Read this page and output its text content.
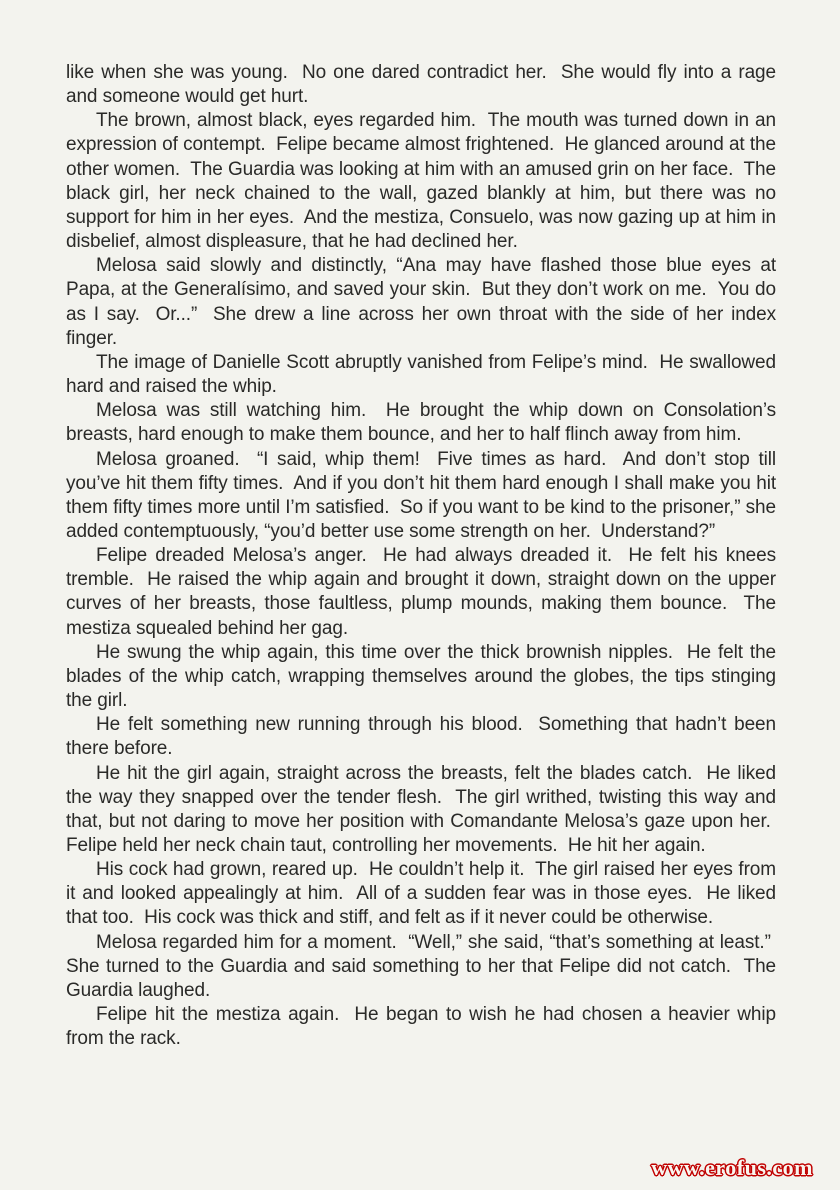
like when she was young.  No one dared contradict her.  She would fly into a rage and someone would get hurt.

The brown, almost black, eyes regarded him.  The mouth was turned down in an expression of contempt.  Felipe became almost frightened.  He glanced around at the other women.  The Guardia was looking at him with an amused grin on her face.  The black girl, her neck chained to the wall, gazed blankly at him, but there was no support for him in her eyes.  And the mestiza, Consuelo, was now gazing up at him in disbelief, almost displeasure, that he had declined her.

Melosa said slowly and distinctly, “Ana may have flashed those blue eyes at Papa, at the Generalísimo, and saved your skin.  But they don’t work on me.  You do as I say.  Or...”  She drew a line across her own throat with the side of her index finger.

The image of Danielle Scott abruptly vanished from Felipe’s mind.  He swallowed hard and raised the whip.

Melosa was still watching him.  He brought the whip down on Consolation’s breasts, hard enough to make them bounce, and her to half flinch away from him.

Melosa groaned.  “I said, whip them!  Five times as hard.  And don’t stop till you’ve hit them fifty times.  And if you don’t hit them hard enough I shall make you hit them fifty times more until I’m satisfied.  So if you want to be kind to the prisoner,” she added contemptuously, “you’d better use some strength on her.  Understand?”

Felipe dreaded Melosa’s anger.  He had always dreaded it.  He felt his knees tremble.  He raised the whip again and brought it down, straight down on the upper curves of her breasts, those faultless, plump mounds, making them bounce.  The mestiza squealed behind her gag.

He swung the whip again, this time over the thick brownish nipples.  He felt the blades of the whip catch, wrapping themselves around the globes, the tips stinging the girl.

He felt something new running through his blood.  Something that hadn’t been there before.

He hit the girl again, straight across the breasts, felt the blades catch.  He liked the way they snapped over the tender flesh.  The girl writhed, twisting this way and that, but not daring to move her position with Comandante Melosa’s gaze upon her.  Felipe held her neck chain taut, controlling her movements.  He hit her again.

His cock had grown, reared up.  He couldn’t help it.  The girl raised her eyes from it and looked appealingly at him.  All of a sudden fear was in those eyes.  He liked that too.  His cock was thick and stiff, and felt as if it never could be otherwise.

Melosa regarded him for a moment.  “Well,” she said, “that’s something at least.”  She turned to the Guardia and said something to her that Felipe did not catch.  The Guardia laughed.

Felipe hit the mestiza again.  He began to wish he had chosen a heavier whip from the rack.

www.erofus.com
